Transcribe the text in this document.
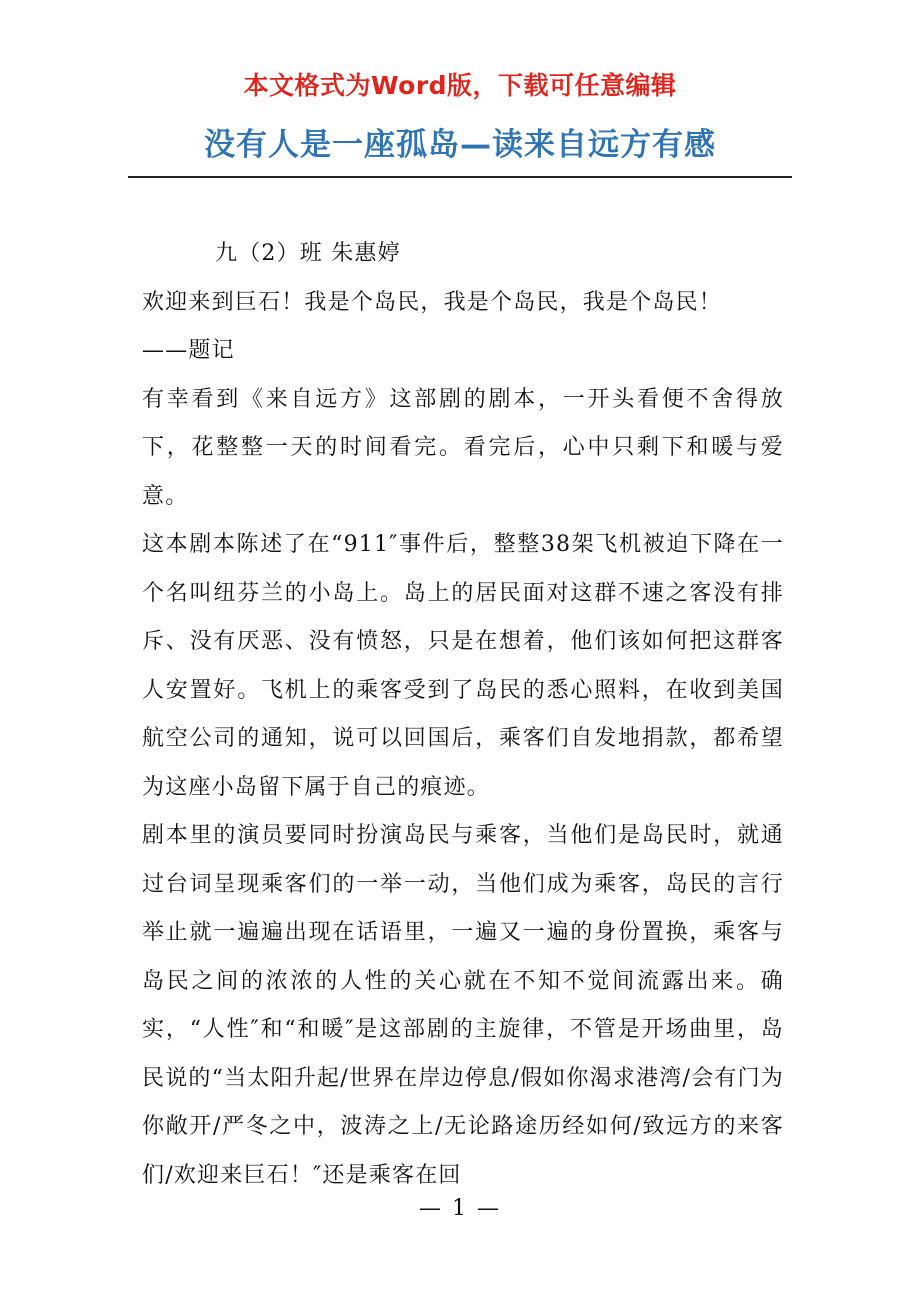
本文格式为Word版，下载可任意编辑
没有人是一座孤岛—读来自远方有感

九（2）班 朱惠婷

欢迎来到巨石！我是个岛民，我是个岛民，我是个岛民！

——题记

有幸看到《来自远方》这部剧的剧本，一开头看便不舍得放下，花整整一天的时间看完。看完后，心中只剩下和暖与爱意。

这本剧本陈述了在“911″事件后，整整38架飞机被迫下降在一个名叫纽芬兰的小岛上。岛上的居民面对这群不速之客没有排斥、没有厌恶、没有愤怒，只是在想着，他们该如何把这群客人安置好。飞机上的乘客受到了岛民的悉心照料，在收到美国航空公司的通知，说可以回国后，乘客们自发地捐款，都希望为这座小岛留下属于自己的痕迹。

剧本里的演员要同时扮演岛民与乘客，当他们是岛民时，就通过台词呈现乘客们的一举一动，当他们成为乘客，岛民的言行举止就一遍遍出现在话语里，一遍又一遍的身份置换，乘客与岛民之间的浓浓的人性的关心就在不知不觉间流露出来。确实，“人性″和“和暖″是这部剧的主旋律，不管是开场曲里，岛民说的“当太阳升起/世界在岸边停息/假如你渴求港湾/会有门为你敞开/严冬之中，波涛之上/无论路途历经如何/致远方的来客们/欢迎来巨石！″还是乘客在回

— 1 —
